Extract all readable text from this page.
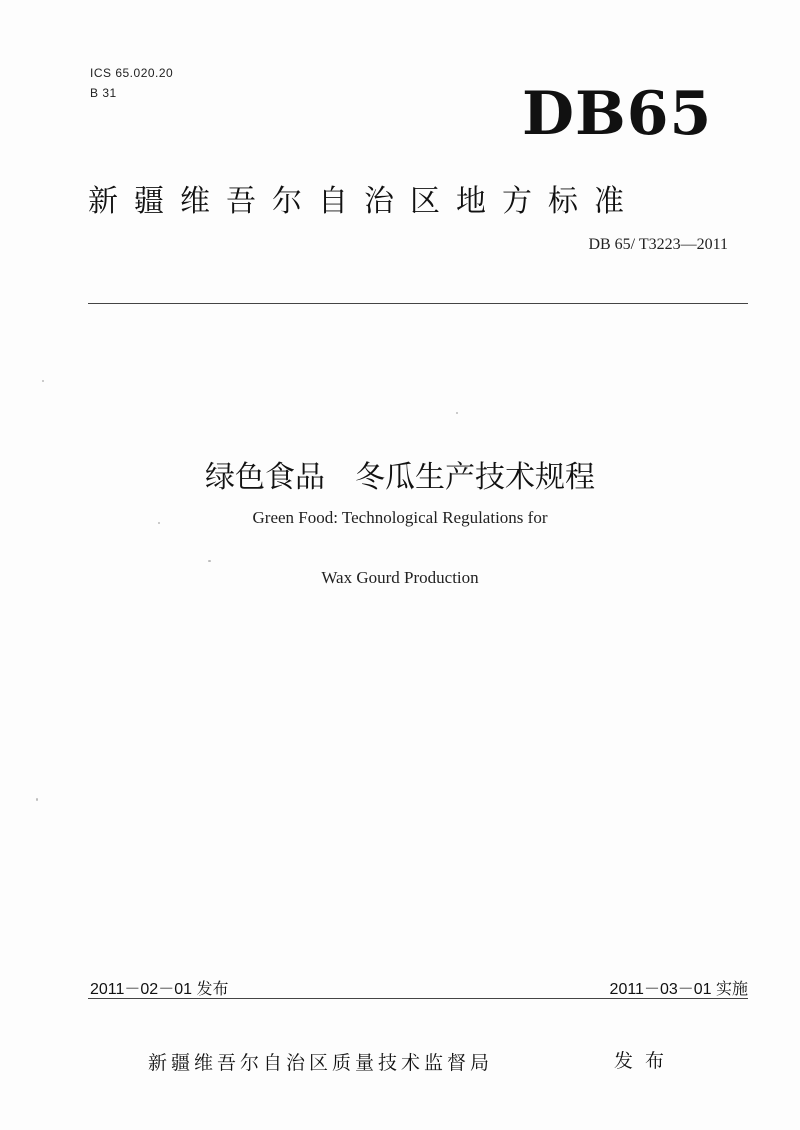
ICS 65.020.20
B 31	DB65
新疆维吾尔自治区地方标准
DB 65/ T3223—2011
绿色食品　冬瓜生产技术规程
Green Food: Technological Regulations for
Wax Gourd Production
2011－02－01 发布	2011－03－01 实施
新疆维吾尔自治区质量技术监督局	发布
